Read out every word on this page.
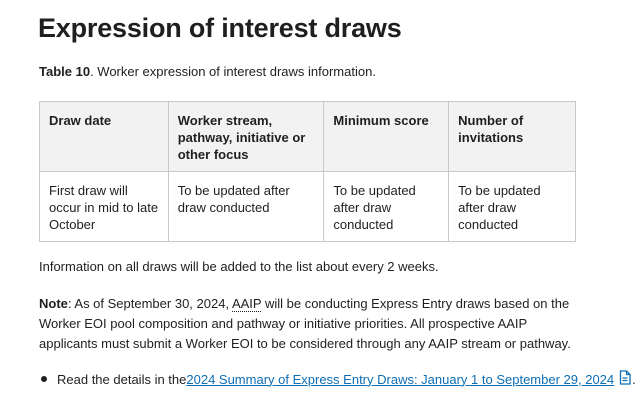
Expression of interest draws
Table 10. Worker expression of interest draws information.
Draw date	Worker stream, pathway, initiative or other focus	Minimum score	Number of invitations
First draw will occur in mid to late October	To be updated after draw conducted	To be updated after draw conducted	To be updated after draw conducted
Information on all draws will be added to the list about every 2 weeks.
Note: As of September 30, 2024, AAIP will be conducting Express Entry draws based on the Worker EOI pool composition and pathway or initiative priorities. All prospective AAIP applicants must submit a Worker EOI to be considered through any AAIP stream or pathway.
Read the details in the 2024 Summary of Express Entry Draws: January 1 to September 29, 2024 .
